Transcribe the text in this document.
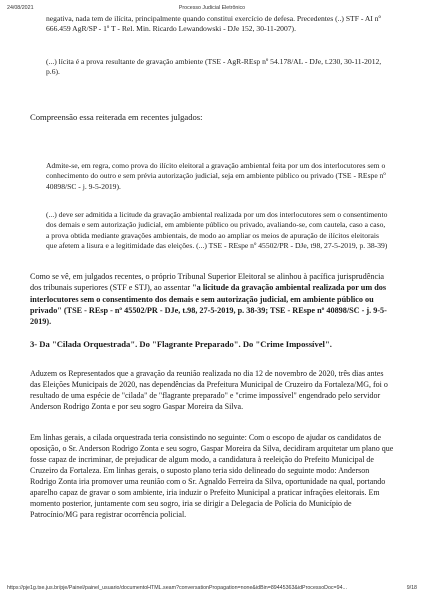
24/08/2021	Processo Judicial Eletrônico

negativa, nada tem de ilícita, principalmente quando constitui exercício de defesa. Precedentes (..) STF - AI nº 666.459 AgR/SP - 1º T - Rel. Min. Ricardo Lewandowski - DJe 152, 30-11-2007).

(...) lícita é a prova resultante de gravação ambiente (TSE - AgR-REsp nº 54.178/AL - DJe, t.230, 30-11-2012, p.6).

Compreensão essa reiterada em recentes julgados:

Admite-se, em regra, como prova do ilícito eleitoral a gravação ambiental feita por um dos interlocutores sem o conhecimento do outro e sem prévia autorização judicial, seja em ambiente público ou privado (TSE - REspe nº 40898/SC - j. 9-5-2019).

(...) deve ser admitida a licitude da gravação ambiental realizada por um dos interlocutores sem o consentimento dos demais e sem autorização judicial, em ambiente público ou privado, avaliando-se, com cautela, caso a caso, a prova obtida mediante gravações ambientais, de modo ao ampliar os meios de apuração de ilícitos eleitorais que afetem a lisura e a legitimidade das eleições. (...) TSE - REspe nº 45502/PR - DJe, t98, 27-5-2019, p. 38-39)

Como se vê, em julgados recentes, o próprio Tribunal Superior Eleitoral se alinhou à pacífica jurisprudência dos tribunais superiores (STF e STJ), ao assentar "a licitude da gravação ambiental realizada por um dos interlocutores sem o consentimento dos demais e sem autorização judicial, em ambiente público ou privado" (TSE - REsp - nº 45502/PR - DJe, t.98, 27-5-2019, p. 38-39; TSE - REspe nº 40898/SC - j. 9-5-2019).

3- Da "Cilada Orquestrada". Do "Flagrante Preparado". Do "Crime Impossível".

Aduzem os Representados que a gravação da reunião realizada no dia 12 de novembro de 2020, três dias antes das Eleições Municipais de 2020, nas dependências da Prefeitura Municipal de Cruzeiro da Fortaleza/MG, foi o resultado de uma espécie de "cilada" de "flagrante preparado" e "crime impossível" engendrado pelo servidor Anderson Rodrigo Zonta e por seu sogro Gaspar Moreira da Silva.

Em linhas gerais, a cilada orquestrada teria consistindo no seguinte: Com o escopo de ajudar os candidatos de oposição, o Sr. Anderson Rodrigo Zonta e seu sogro, Gaspar Moreira da Silva, decidiram arquitetar um plano que fosse capaz de incriminar, de prejudicar de algum modo, a candidatura à reeleição do Prefeito Municipal de Cruzeiro da Fortaleza. Em linhas gerais, o suposto plano teria sido delineado do seguinte modo: Anderson Rodrigo Zonta iria promover uma reunião com o Sr. Agnaldo Ferreira da Silva, oportunidade na qual, portando aparelho capaz de gravar o som ambiente, iria induzir o Prefeito Municipal a praticar infrações eleitorais. Em momento posterior, juntamente com seu sogro, iria se dirigir a Delegacia de Polícia do Município de Patrocínio/MG para registrar ocorrência policial.

https://pje1g.tse.jus.br/pje/Painel/painel_usuario/documentoHTML.seam?conversationPropagation=none&idBin=89445363&idProcessoDoc=94...	9/18
